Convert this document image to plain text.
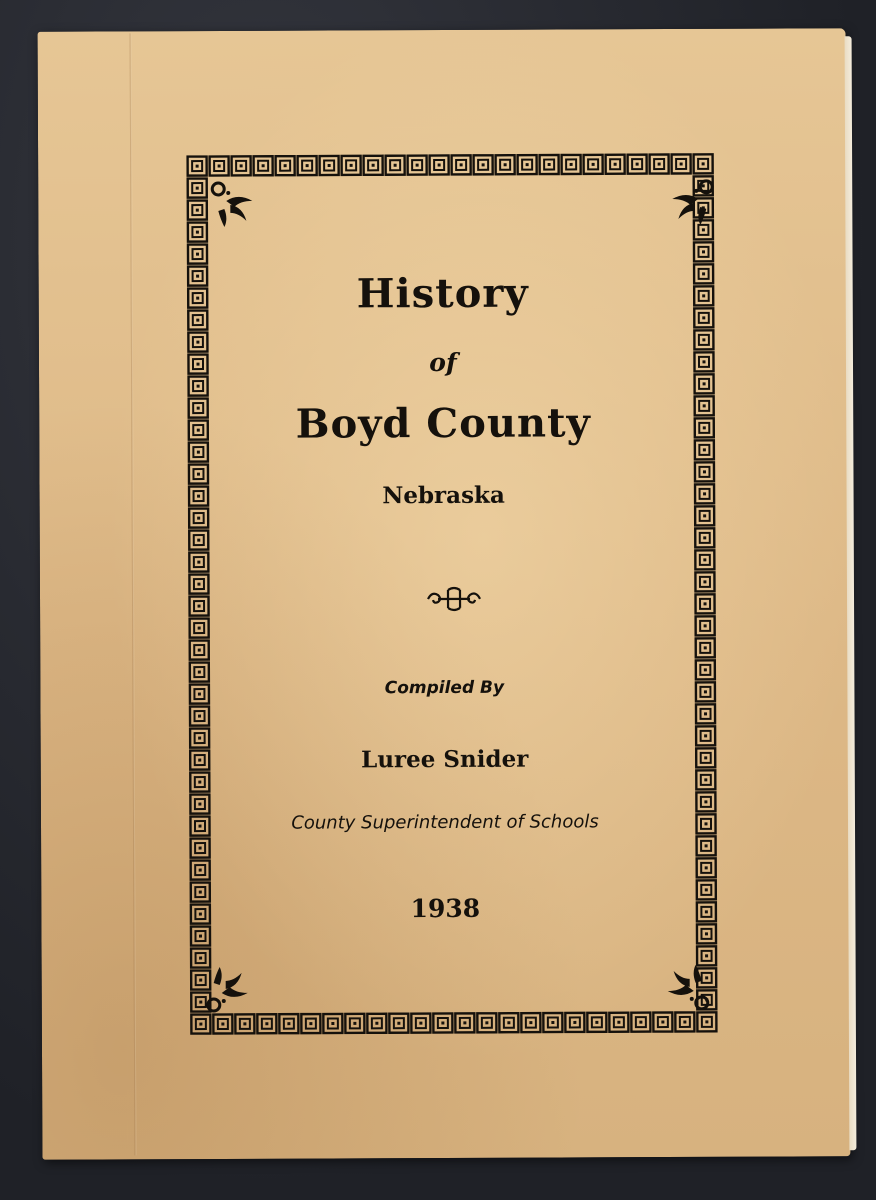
History
of
Boyd County
Nebraska
Compiled By
Luree Snider
County Superintendent of Schools
1938
